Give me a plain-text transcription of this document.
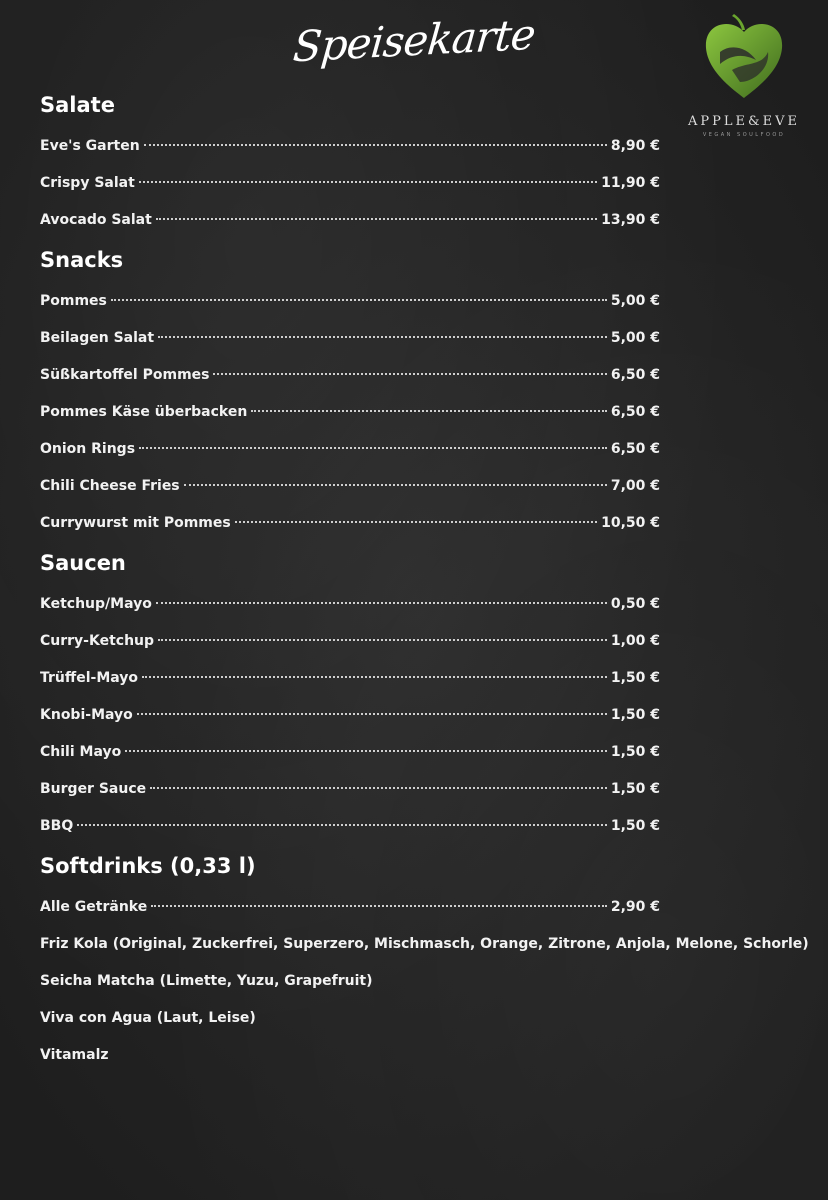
Speisekarte
APPLE&EVE
VEGAN SOULFOOD
Salate
Eve's Garten	8,90 €
Crispy Salat	11,90 €
Avocado Salat	13,90 €
Snacks
Pommes	5,00 €
Beilagen Salat	5,00 €
Süßkartoffel Pommes	6,50 €
Pommes Käse überbacken	6,50 €
Onion Rings	6,50 €
Chili Cheese Fries	7,00 €
Currywurst mit Pommes	10,50 €
Saucen
Ketchup/Mayo	0,50 €
Curry-Ketchup	1,00 €
Trüffel-Mayo	1,50 €
Knobi-Mayo	1,50 €
Chili Mayo	1,50 €
Burger Sauce	1,50 €
BBQ	1,50 €
Softdrinks (0,33 l)
Alle Getränke	2,90 €
Friz Kola (Original, Zuckerfrei, Superzero, Mischmasch, Orange, Zitrone, Anjola, Melone, Schorle)
Seicha Matcha (Limette, Yuzu, Grapefruit)
Viva con Agua (Laut, Leise)
Vitamalz
